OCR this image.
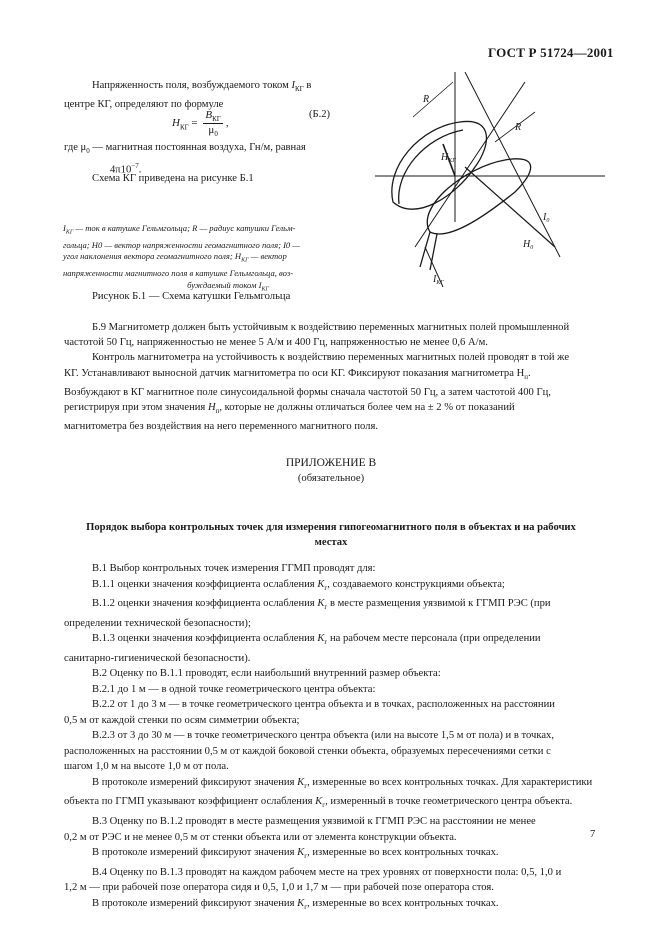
ГОСТ Р 51724—2001
Напряженность поля, возбуждаемого током $I_{КГ}$ в
центре КГ, определяют по формуле
$H_{КГ} = \frac{B_{КГ}}{\mu_0}$ ,
(Б.2)
где $\mu_0$ — магнитная постоянная воздуха, Гн/м, равная
$4\pi 10^{-7}$.
Схема КГ приведена на рисунке Б.1
$I_{КГ}$ — ток в катушке Гельмгольца; R — радиус катушки Гельм-
гольца; H0 — вектор напряженности геомагнитного поля; I0 —
угол наклонения вектора геомагнитного поля; $H_{КГ}$ — вектор
напряженности магнитного поля в катушке Гельмгольца, воз-
буждаемый током $I_{КГ}$
Рисунок Б.1 — Схема катушки Гельмгольца
R
R
$H_{КГ}$
$I_0$
$H_0$
$I_{КГ}$
Б.9 Магнитометр должен быть устойчивым к воздействию переменных магнитных полей промышленной
частотой 50 Гц, напряженностью не менее 5 А/м и 400 Гц, напряженностью не менее 0,6 А/м.
Контроль магнитометра на устойчивость к воздействию переменных магнитных полей проводят в той же
КГ. Устанавливают выносной датчик магнитометра по оси КГ. Фиксируют показания магнитометра $H_п$.
Возбуждают в КГ магнитное поле синусоидальной формы сначала частотой 50 Гц, а затем частотой 400 Гц,
регистрируя при этом значения $H_п$, которые не должны отличаться более чем на ± 2 % от показаний
магнитометра без воздействия на него переменного магнитного поля.
ПРИЛОЖЕНИЕ В
(обязательное)
Порядок выбора контрольных точек для измерения гипогеомагнитного поля в объектах и на рабочих
местах
В.1 Выбор контрольных точек измерения ГГМП проводят для:
В.1.1 оценки значения коэффициента ослабления $K_г$, создаваемого конструкциями объекта;
В.1.2 оценки значения коэффициента ослабления $K_г$ в месте размещения уязвимой к ГГМП РЭС (при
определении технической безопасности);
В.1.3 оценки значения коэффициента ослабления $K_г$ на рабочем месте персонала (при определении
санитарно-гигиенической безопасности).
В.2 Оценку по В.1.1 проводят, если наибольший внутренний размер объекта:
В.2.1 до 1 м — в одной точке геометрического центра объекта:
В.2.2 от 1 до 3 м — в точке геометрического центра объекта и в точках, расположенных на расстоянии
0,5 м от каждой стенки по осям симметрии объекта;
В.2.3 от 3 до 30 м — в точке геометрического центра объекта (или на высоте 1,5 м от пола) и в точках,
расположенных на расстоянии 0,5 м от каждой боковой стенки объекта, образуемых пересечениями сетки с
шагом 1,0 м на высоте 1,0 м от пола.
В протоколе измерений фиксируют значения $K_г$, измеренные во всех контрольных точках. Для характеристики
объекта по ГГМП указывают коэффициент ослабления $K_г$, измеренный в точке геометрического центра объекта.
В.3 Оценку по В.1.2 проводят в месте размещения уязвимой к ГГМП РЭС на расстоянии не менее
0,2 м от РЭС и не менее 0,5 м от стенки объекта или от элемента конструкции объекта.
В протоколе измерений фиксируют значения $K_г$, измеренные во всех контрольных точках.
В.4 Оценку по В.1.3 проводят на каждом рабочем месте на трех уровнях от поверхности пола: 0,5, 1,0 и
1,2 м — при рабочей позе оператора сидя и 0,5, 1,0 и 1,7 м — при рабочей позе оператора стоя.
В протоколе измерений фиксируют значения $K_г$, измеренные во всех контрольных точках.
7
